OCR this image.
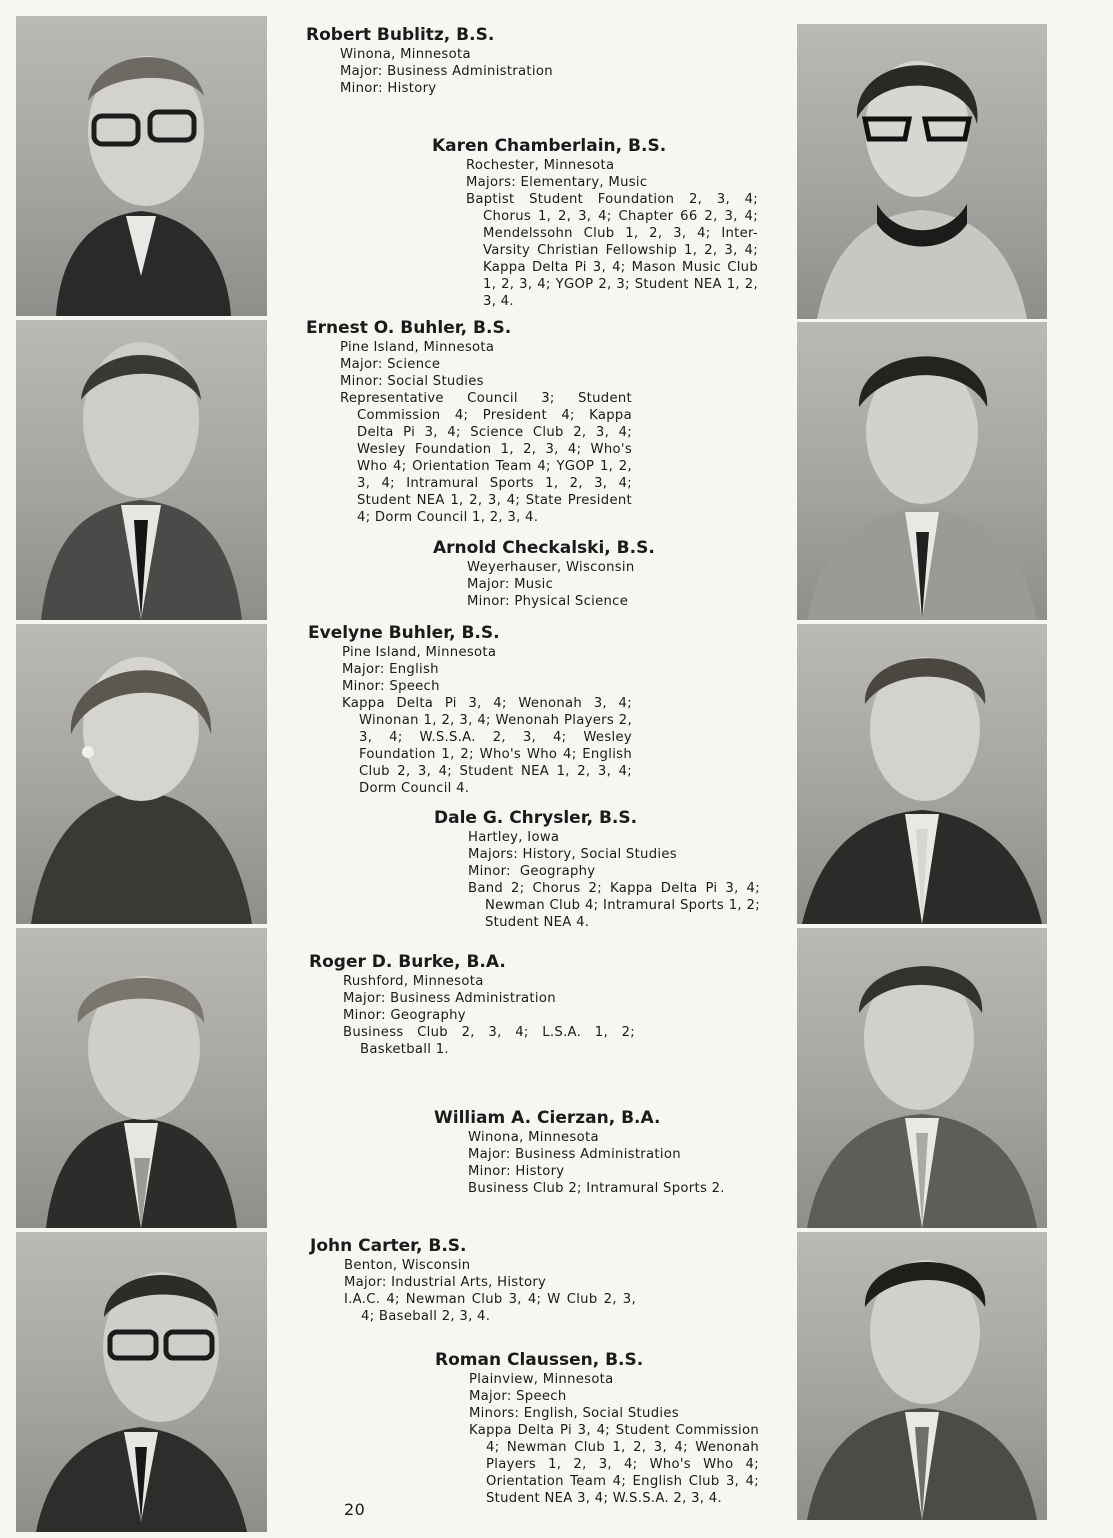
Robert Bublitz, B.S.
Winona, Minnesota
Major: Business Administration
Minor: History
Karen Chamberlain, B.S.
Rochester, Minnesota
Majors: Elementary, Music
Baptist Student Foundation 2, 3, 4; Chorus 1, 2, 3, 4; Chapter 66 2, 3, 4; Mendelssohn Club 1, 2, 3, 4; Inter-Varsity Christian Fellowship 1, 2, 3, 4; Kappa Delta Pi 3, 4; Mason Music Club 1, 2, 3, 4; YGOP 2, 3; Student NEA 1, 2, 3, 4.
Ernest O. Buhler, B.S.
Pine Island, Minnesota
Major: Science
Minor: Social Studies
Representative Council 3; Student Commission 4; President 4; Kappa Delta Pi 3, 4; Science Club 2, 3, 4; Wesley Foundation 1, 2, 3, 4; Who's Who 4; Orientation Team 4; YGOP 1, 2, 3, 4; Intramural Sports 1, 2, 3, 4; Student NEA 1, 2, 3, 4; State President 4; Dorm Council 1, 2, 3, 4.
Arnold Checkalski, B.S.
Weyerhauser, Wisconsin
Major: Music
Minor: Physical Science
Evelyne Buhler, B.S.
Pine Island, Minnesota
Major: English
Minor: Speech
Kappa Delta Pi 3, 4; Wenonah 3, 4; Winonan 1, 2, 3, 4; Wenonah Players 2, 3, 4; W.S.S.A. 2, 3, 4; Wesley Foundation 1, 2; Who's Who 4; English Club 2, 3, 4; Student NEA 1, 2, 3, 4; Dorm Council 4.
Dale G. Chrysler, B.S.
Hartley, Iowa
Majors: History, Social Studies
Minor:  Geography
Band 2; Chorus 2; Kappa Delta Pi 3, 4; Newman Club 4; Intramural Sports 1, 2; Student NEA 4.
Roger D. Burke, B.A.
Rushford, Minnesota
Major: Business Administration
Minor: Geography
Business Club 2, 3, 4; L.S.A. 1, 2; Basketball 1.
William A. Cierzan, B.A.
Winona, Minnesota
Major: Business Administration
Minor: History
Business Club 2; Intramural Sports 2.
John Carter, B.S.
Benton, Wisconsin
Major: Industrial Arts, History
I.A.C. 4; Newman Club 3, 4; W Club 2, 3, 4; Baseball 2, 3, 4.
Roman Claussen, B.S.
Plainview, Minnesota
Major: Speech
Minors: English, Social Studies
Kappa Delta Pi 3, 4; Student Commission 4; Newman Club 1, 2, 3, 4; Wenonah Players 1, 2, 3, 4; Who's Who 4; Orientation Team 4; English Club 3, 4; Student NEA 3, 4; W.S.S.A. 2, 3, 4.
20
